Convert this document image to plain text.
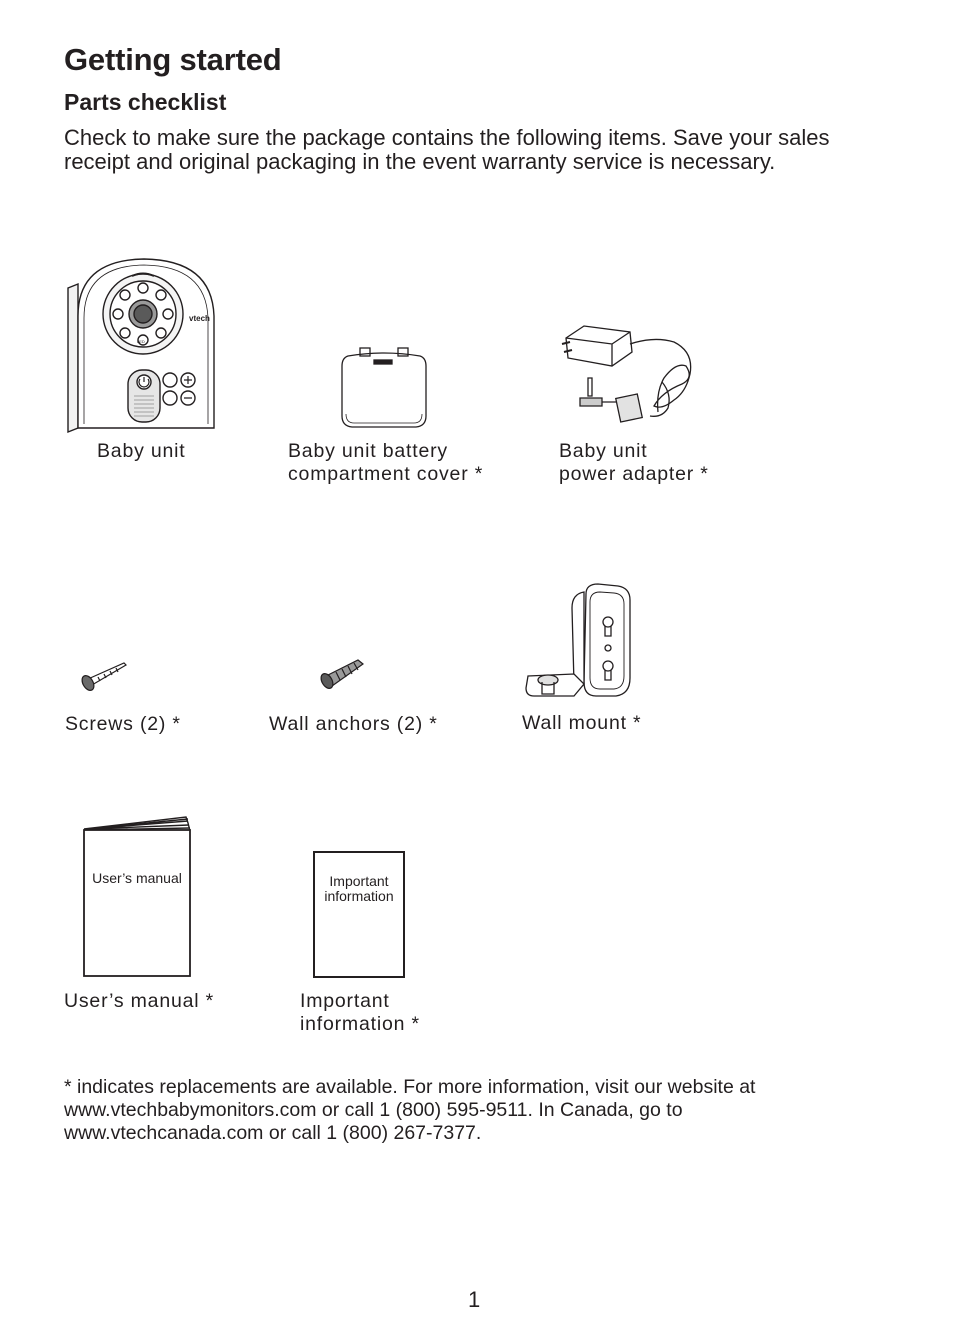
Getting started
Parts checklist
Check to make sure the package contains the following items. Save your sales receipt and original packaging in the event warranty service is necessary.
vtech
LED
Baby unit	Baby unit battery
compartment cover *
Baby unit
power adapter *
Screws (2) *	Wall anchors (2) *	Wall mount *
User’s manual
User’s manual *
Important
information
Important
information *
* indicates replacements are available. For more information, visit our website at www.vtechbabymonitors.com or call 1 (800) 595-9511. In Canada, go to www.vtechcanada.com or call 1 (800) 267-7377.
1
